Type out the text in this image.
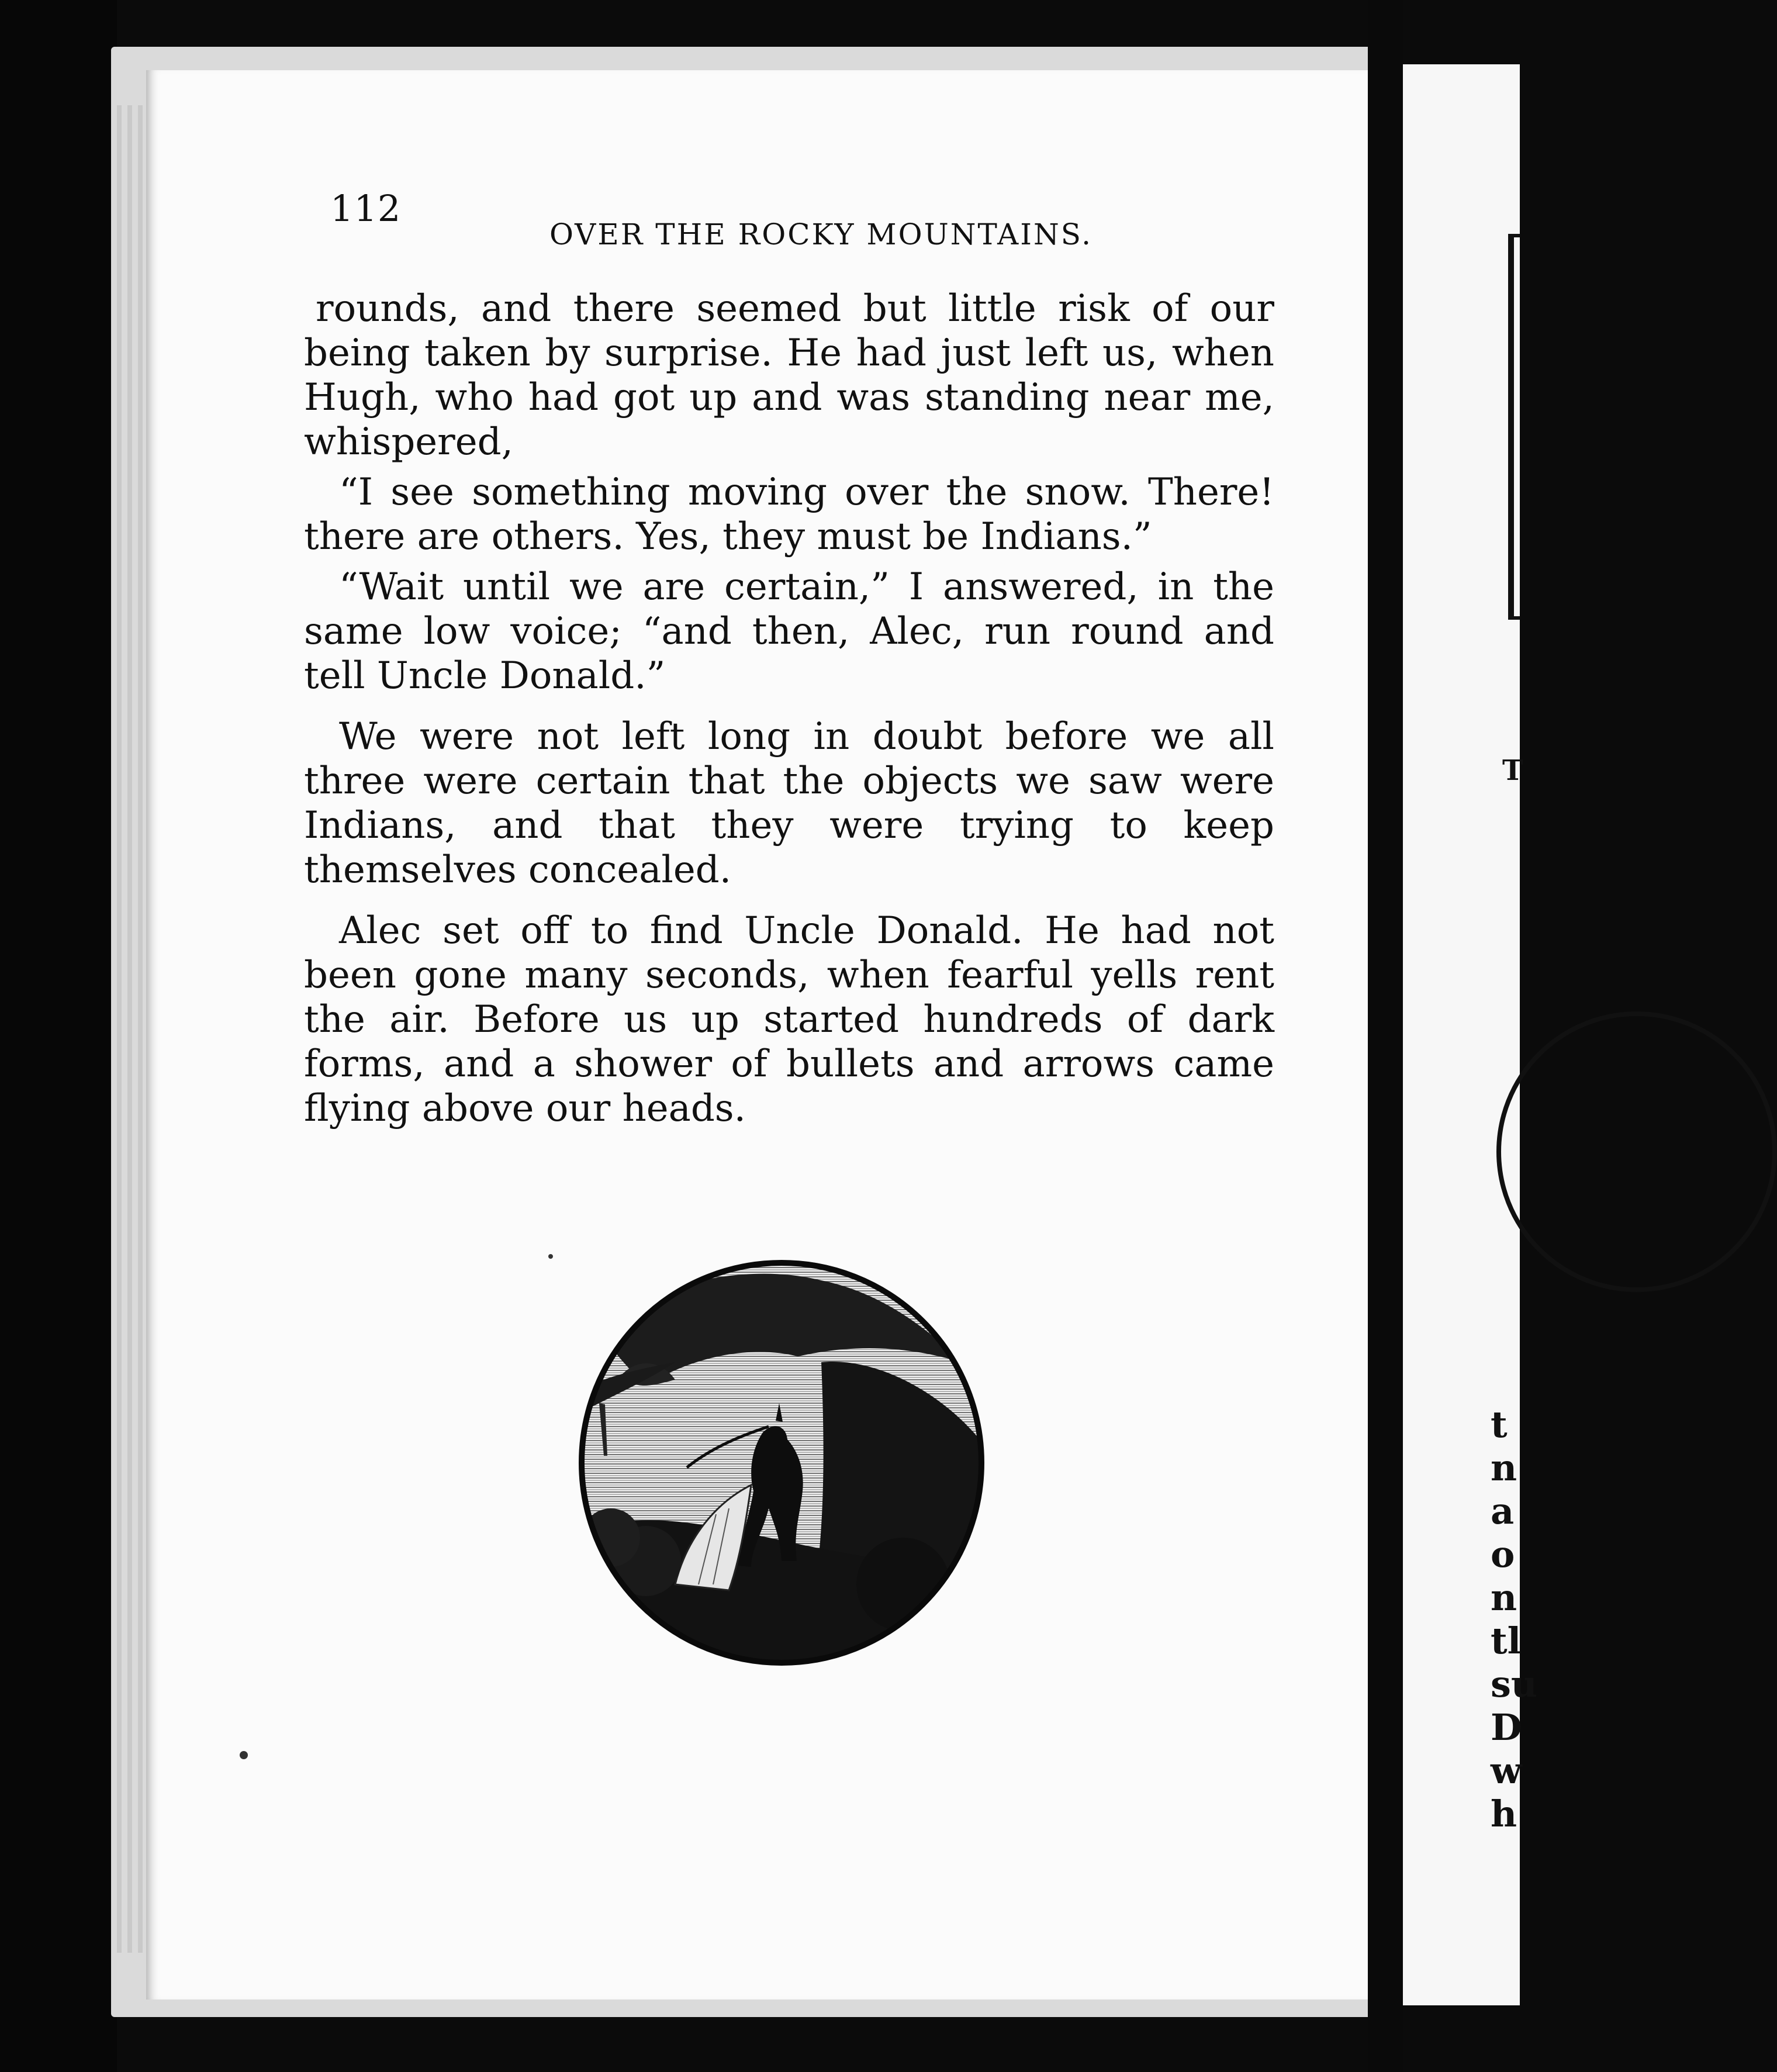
112
OVER THE ROCKY MOUNTAINS.

rounds, and there seemed but little risk of our being taken by surprise. He had just left us, when Hugh, who had got up and was standing near me, whispered,

“I see something moving over the snow. There! there are others. Yes, they must be Indians.”

“Wait until we are certain,” I answered, in the same low voice; “and then, Alec, run round and tell Uncle Donald.”

We were not left long in doubt before we all three were certain that the objects we saw were Indians, and that they were trying to keep themselves concealed.

Alec set off to find Uncle Donald. He had not been gone many seconds, when fearful yells rent the air. Before us up started hundreds of dark forms, and a shower of bullets and arrows came flying above our heads.

T
t
n
a
o
n
tl
su
D
w
h
